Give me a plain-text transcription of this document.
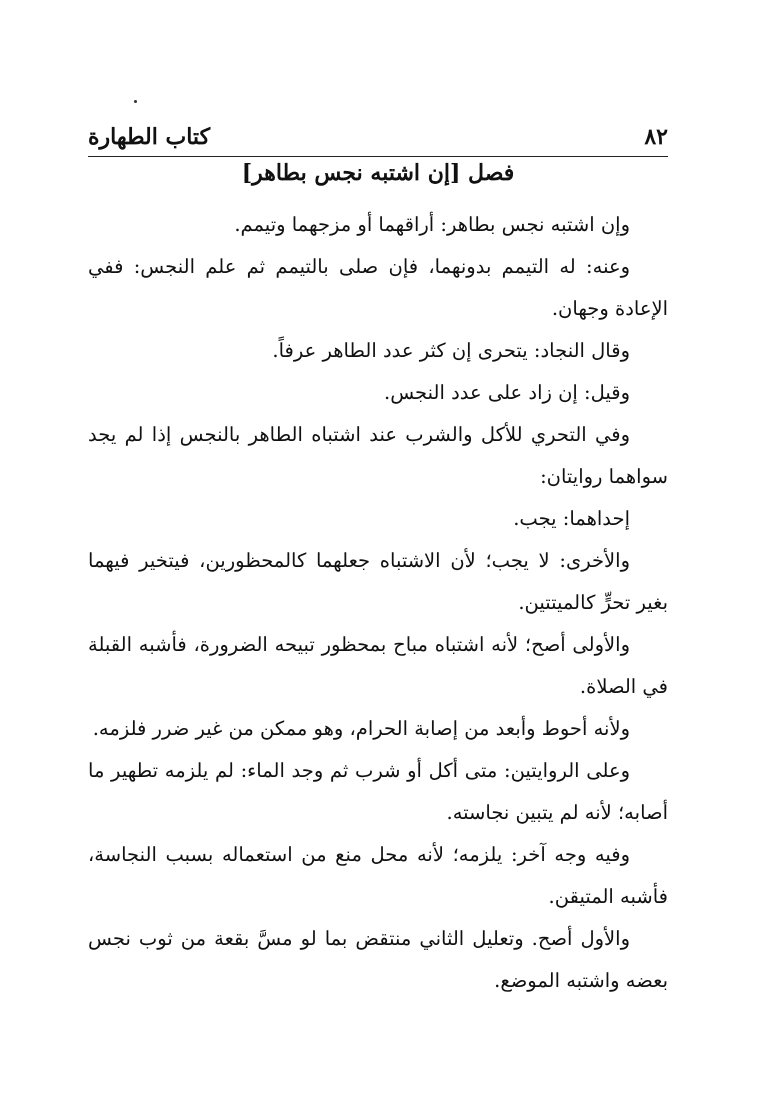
كتاب الطهارة	٨٢
فصل [إن اشتبه نجس بطاهر]

وإن اشتبه نجس بطاهر: أراقهما أو مزجهما وتيمم.

وعنه: له التيمم بدونهما، فإن صلى بالتيمم ثم علم النجس: ففي الإعادة وجهان.

وقال النجاد: يتحرى إن كثر عدد الطاهر عرفاً.

وقيل: إن زاد على عدد النجس.

وفي التحري للأكل والشرب عند اشتباه الطاهر بالنجس إذا لم يجد سواهما روايتان:

إحداهما: يجب.

والأخرى: لا يجب؛ لأن الاشتباه جعلهما كالمحظورين، فيتخير فيهما بغير تحرٍّ كالميتتين.

والأولى أصح؛ لأنه اشتباه مباح بمحظور تبيحه الضرورة، فأشبه القبلة في الصلاة.

ولأنه أحوط وأبعد من إصابة الحرام، وهو ممكن من غير ضرر فلزمه.

وعلى الروايتين: متى أكل أو شرب ثم وجد الماء: لم يلزمه تطهير ما أصابه؛ لأنه لم يتبين نجاسته.

وفيه وجه آخر: يلزمه؛ لأنه محل منع من استعماله بسبب النجاسة، فأشبه المتيقن.

والأول أصح. وتعليل الثاني منتقض بما لو مسَّ بقعة من ثوب نجس بعضه واشتبه الموضع.
